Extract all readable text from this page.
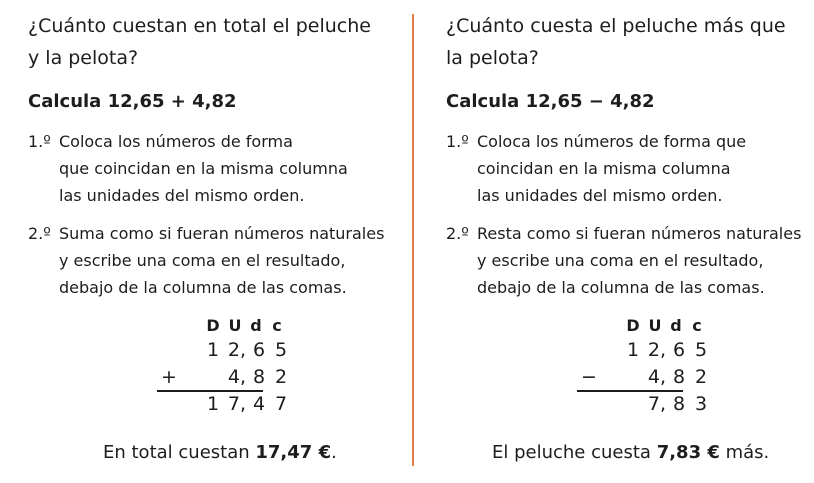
¿Cuánto cuestan en total el peluche
y la pelota?
Calcula 12,65 + 4,82
1.º Coloca los números de forma
que coincidan en la misma columna
las unidades del mismo orden.
2.º Suma como si fueran números naturales
y escribe una coma en el resultado,
debajo de la columna de las comas.
D U d c
1 2, 6 5
+	4, 8 2
1 7, 4 7
En total cuestan 17,47 €.
¿Cuánto cuesta el peluche más que
la pelota?
Calcula 12,65 − 4,82
1.º Coloca los números de forma que
coincidan en la misma columna
las unidades del mismo orden.
2.º Resta como si fueran números naturales
y escribe una coma en el resultado,
debajo de la columna de las comas.
D U d c
1 2, 6 5
−	4, 8 2
7, 8 3
El peluche cuesta 7,83 € más.
